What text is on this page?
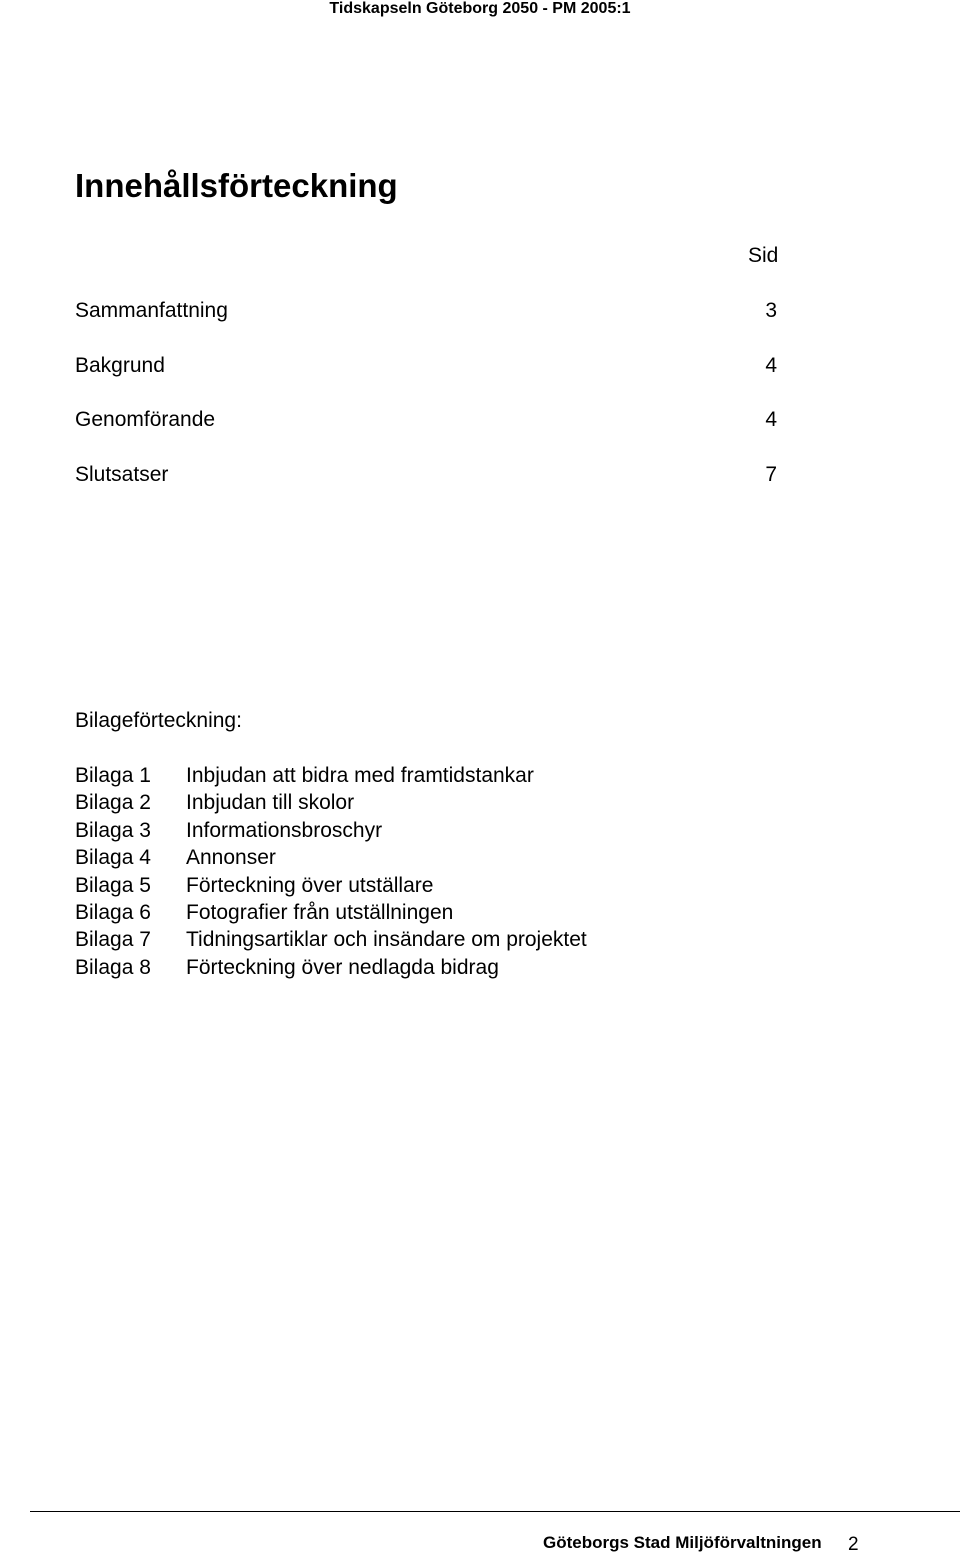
Tidskapseln Göteborg 2050 - PM 2005:1
Innehållsförteckning
Sid
Sammanfattning	3
Bakgrund	4
Genomförande	4
Slutsatser	7
Bilageförteckning:
Bilaga 1 Inbjudan att bidra med framtidstankar
Bilaga 2 Inbjudan till skolor
Bilaga 3 Informationsbroschyr
Bilaga 4 Annonser
Bilaga 5 Förteckning över utställare
Bilaga 6 Fotografier från utställningen
Bilaga 7 Tidningsartiklar och insändare om projektet
Bilaga 8 Förteckning över nedlagda bidrag
Göteborgs Stad Miljöförvaltningen 2
